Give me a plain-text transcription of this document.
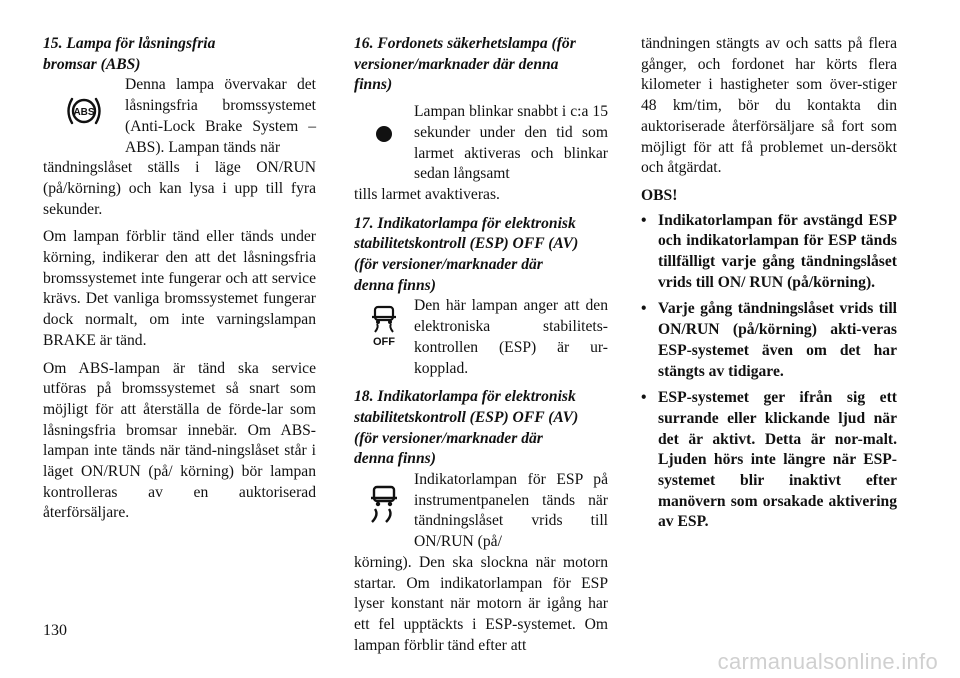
15. Lampa för låsningsfria
bromsar (ABS)

ABS

Denna lampa övervakar det låsningsfria bromssystemet (Anti-Lock Brake System – ABS). Lampan tänds när

tändningslåset ställs i läge ON/RUN (på/körning) och kan lysa i upp till fyra sekunder.

Om lampan förblir tänd eller tänds under körning, indikerar den att det låsningsfria bromssystemet inte fungerar och att service krävs. Det vanliga bromssystemet fungerar dock normalt, om inte varningslampan BRAKE är tänd.

Om ABS-lampan är tänd ska service utföras på bromssystemet så snart som möjligt för att återställa de förde-lar som låsningsfria bromsar innebär. Om ABS-lampan inte tänds när tänd-ningslåset står i läget ON/RUN (på/ körning) bör lampan kontrolleras av en auktoriserad återförsäljare.

16. Fordonets säkerhetslampa (för
versioner/marknader där denna
finns)

Lampan blinkar snabbt i c:a 15 sekunder under den tid som larmet aktiveras och blinkar sedan långsamt

tills larmet avaktiveras.

17. Indikatorlampa för elektronisk
stabilitetskontroll (ESP) OFF (AV)
(för versioner/marknader där
denna finns)

OFF

Den här lampan anger att den elektroniska stabilitets-kontrollen (ESP) är ur-kopplad.

18. Indikatorlampa för elektronisk
stabilitetskontroll (ESP) OFF (AV)
(för versioner/marknader där
denna finns)

Indikatorlampan för ESP på instrumentpanelen tänds när tändningslåset vrids till ON/RUN (på/

körning). Den ska slockna när motorn startar. Om indikatorlampan för ESP lyser konstant när motorn är igång har ett fel upptäckts i ESP-systemet. Om lampan förblir tänd efter att

tändningen stängts av och satts på flera gånger, och fordonet har körts flera kilometer i hastigheter som över-stiger 48 km/tim, bör du kontakta din auktoriserade återförsäljare så fort som möjligt för att få problemet un-dersökt och åtgärdat.

OBS!

• Indikatorlampan för avstängd ESP och indikatorlampan för ESP tänds tillfälligt varje gång tändningslåset vrids till ON/ RUN (på/körning).
• Varje gång tändningslåset vrids till ON/RUN (på/körning) akti-veras ESP-systemet även om det har stängts av tidigare.
• ESP-systemet ger ifrån sig ett surrande eller klickande ljud när det är aktivt. Detta är nor-malt. Ljuden hörs inte längre när ESP-systemet blir inaktivt efter manövern som orsakade aktivering av ESP.
130
carmanualsonline.info
